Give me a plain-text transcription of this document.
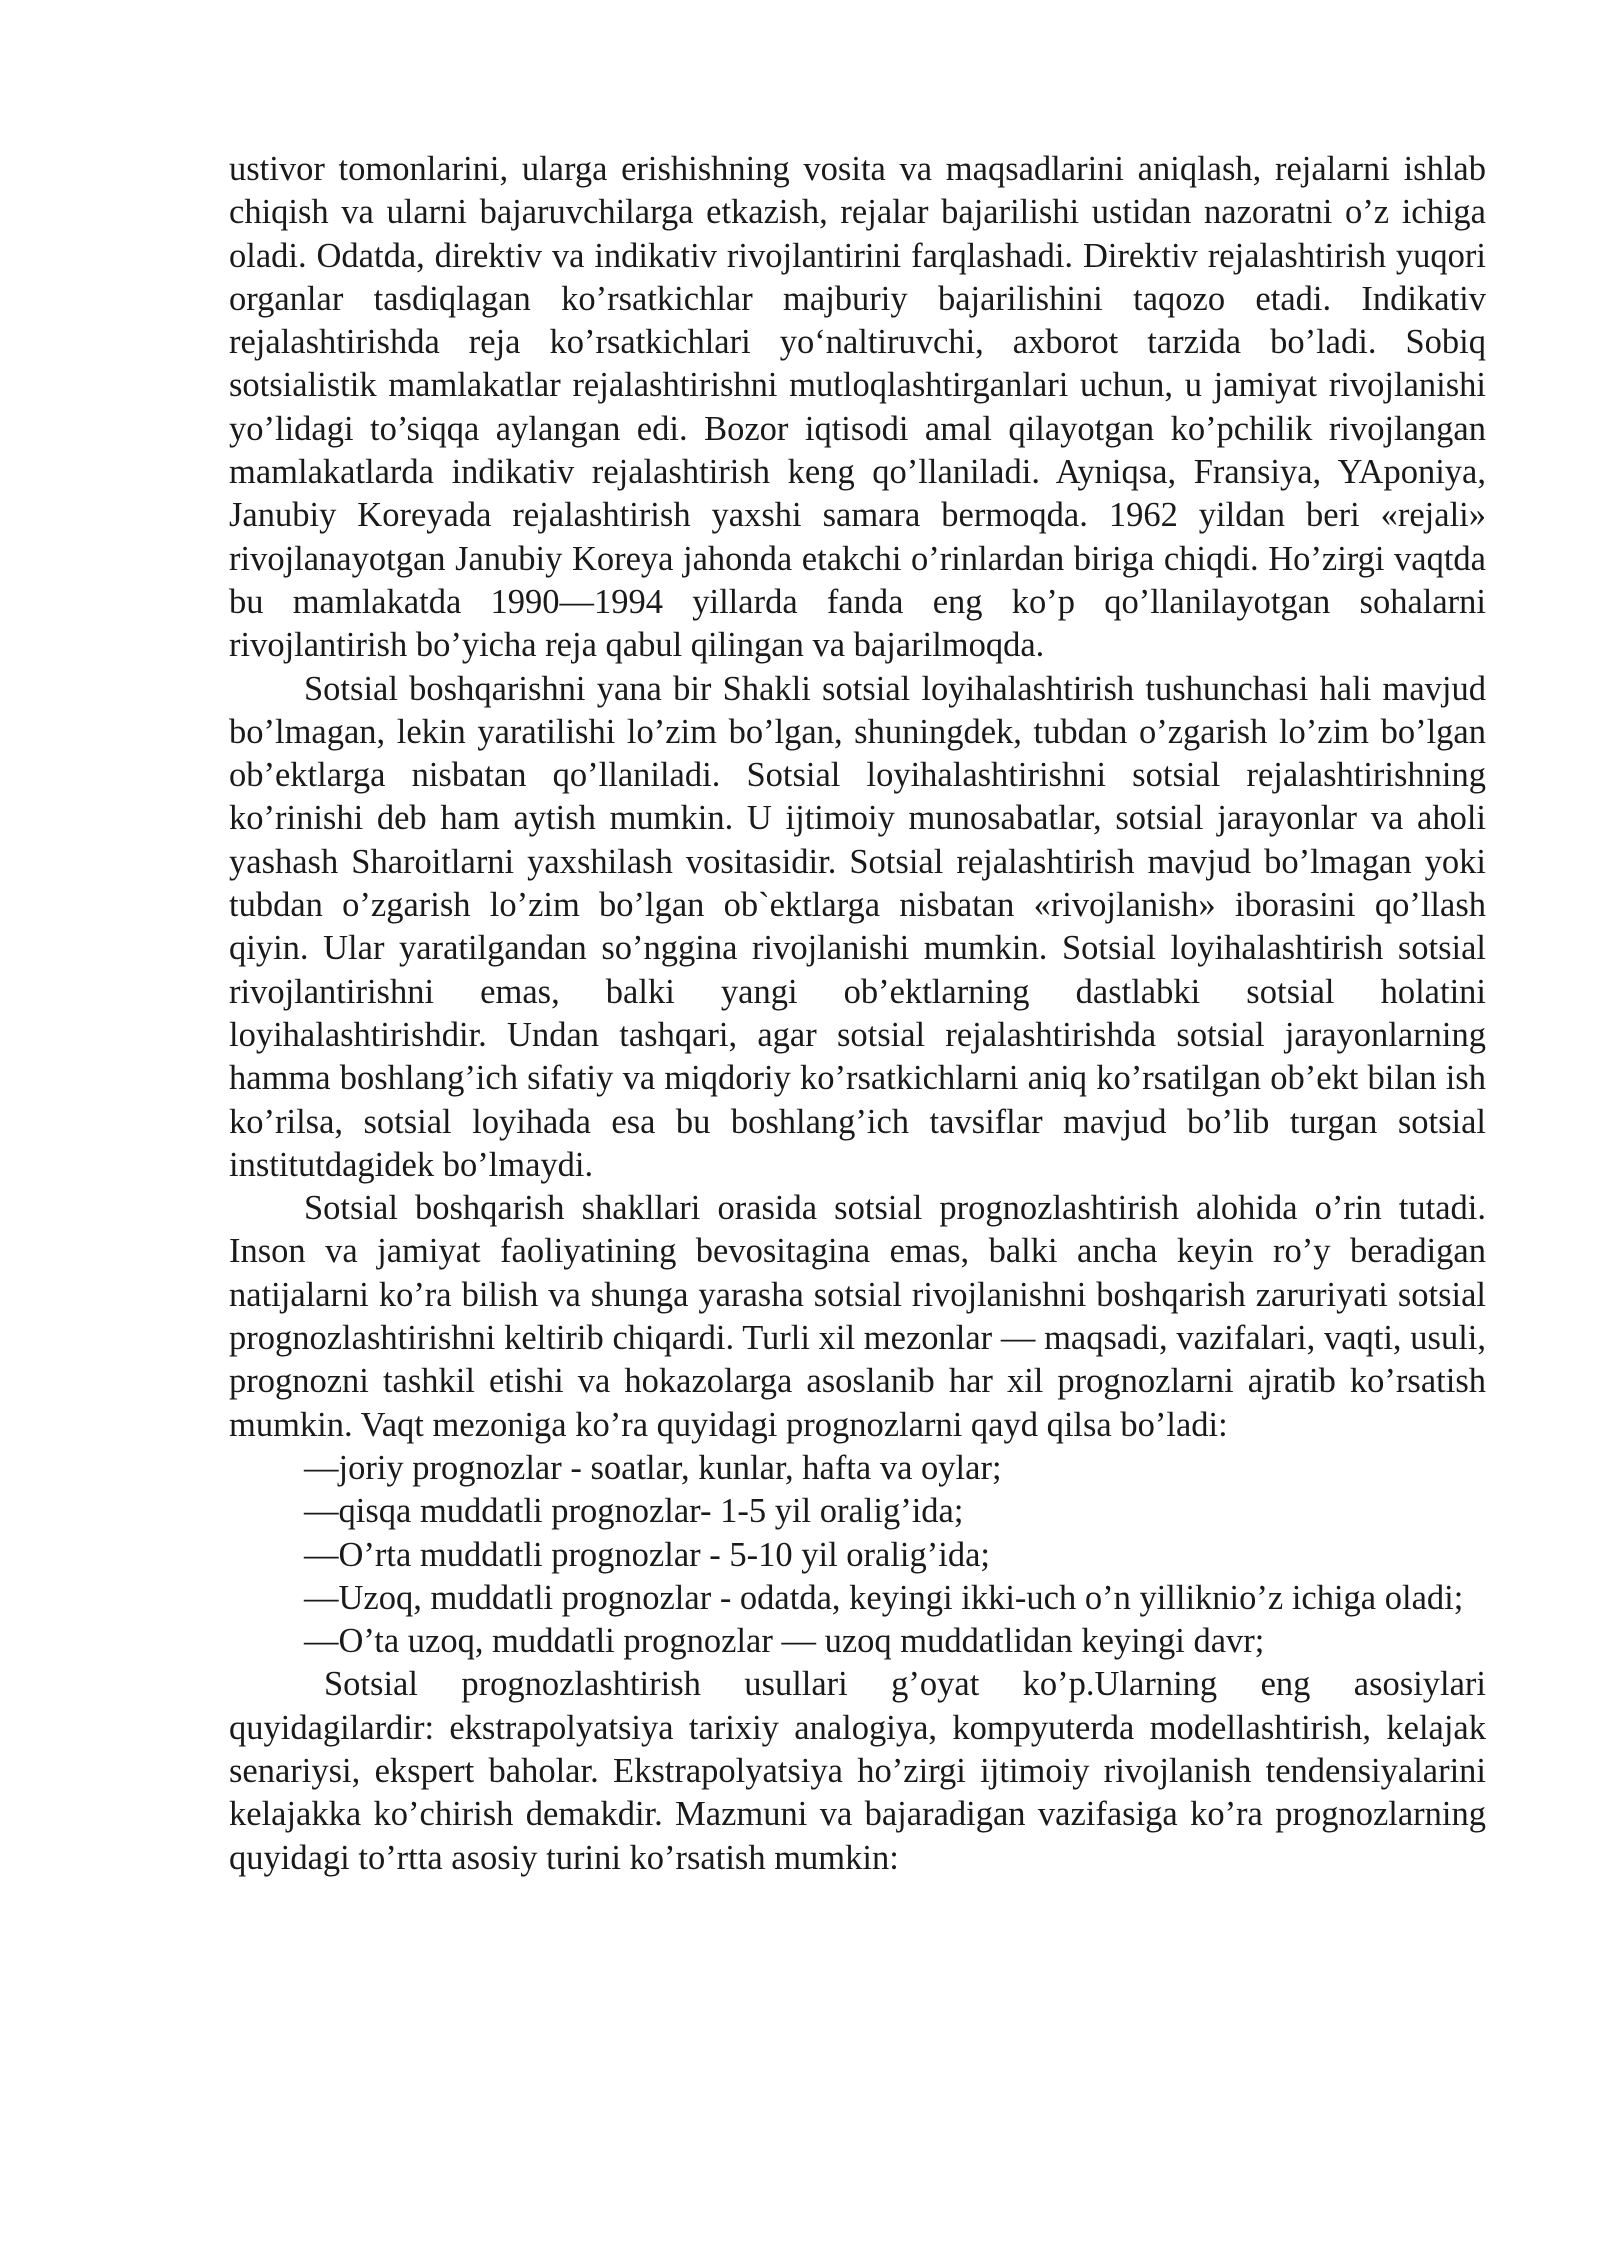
ustivor tomonlarini, ularga erishishning vosita va maqsadlarini aniqlash, rejalarni ishlab chiqish va ularni bajaruvchilarga etkazish, rejalar bajarilishi ustidan nazoratni o’z ichiga oladi. Odatda, direktiv va indikativ rivojlantirini farqlashadi. Direktiv rejalashtirish yuqori organlar tasdiqlagan ko’rsatkichlar majburiy bajarilishini taqozo etadi. Indikativ rejalashtirishda reja ko’rsatkichlari yo‘naltiruvchi, axborot tarzida bo’ladi. Sobiq sotsialistik mamlakatlar rejalashtirishni mutloqlashtirganlari uchun, u jamiyat rivojlanishi yo’lidagi to’siqqa aylangan edi. Bozor iqtisodi amal qilayotgan ko’pchilik rivojlangan mamlakatlarda indikativ rejalashtirish keng qo’llaniladi. Ayniqsa, Fransiya, YAponiya, Janubiy Koreyada rejalashtirish yaxshi samara bermoqda. 1962 yildan beri «rejali» rivojlanayotgan Janubiy Koreya jahonda etakchi o’rinlardan biriga chiqdi. Ho’zirgi vaqtda bu mamlakatda 1990—1994 yillarda fanda eng ko’p qo’llanilayotgan sohalarni rivojlantirish bo’yicha reja qabul qilingan va bajarilmoqda.

Sotsial boshqarishni yana bir Shakli sotsial loyihalashtirish tushunchasi hali mavjud bo’lmagan, lekin yaratilishi lo’zim bo’lgan, shuningdek, tubdan o’zgarish lo’zim bo’lgan ob’ektlarga nisbatan qo’llaniladi. Sotsial loyihalashtirishni sotsial rejalashtirishning ko’rinishi deb ham aytish mumkin. U ijtimoiy munosabatlar, sotsial jarayonlar va aholi yashash Sharoitlarni yaxshilash vositasidir. Sotsial rejalashtirish mavjud bo’lmagan yoki tubdan o’zgarish lo’zim bo’lgan ob`ektlarga nisbatan «rivojlanish» iborasini qo’llash qiyin. Ular yaratilgandan so’nggina rivojlanishi mumkin. Sotsial loyihalashtirish sotsial rivojlantirishni emas, balki yangi ob’ektlarning dastlabki sotsial holatini loyihalashtirishdir. Undan tashqari, agar sotsial rejalashtirishda sotsial jarayonlarning hamma boshlang’ich sifatiy va miqdoriy ko’rsatkichlarni aniq ko’rsatilgan ob’ekt bilan ish ko’rilsa, sotsial loyihada esa bu boshlang’ich tavsiflar mavjud bo’lib turgan sotsial institutdagidek bo’lmaydi.

Sotsial boshqarish shakllari orasida sotsial prognozlashtirish alohida o’rin tutadi. Inson va jamiyat faoliyatining bevositagina emas, balki ancha keyin ro’y beradigan natijalarni ko’ra bilish va shunga yarasha sotsial rivojlanishni boshqarish zaruriyati sotsial prognozlashtirishni keltirib chiqardi. Turli xil mezonlar — maqsadi, vazifalari, vaqti, usuli, prognozni tashkil etishi va hokazolarga asoslanib har xil prognozlarni ajratib ko’rsatish mumkin. Vaqt mezoniga ko’ra quyidagi prognozlarni qayd qilsa bo’ladi:

—joriy prognozlar - soatlar, kunlar, hafta va oylar;

—qisqa muddatli prognozlar- 1-5 yil oralig’ida;

—O’rta muddatli prognozlar - 5-10 yil oralig’ida;

—Uzoq, muddatli prognozlar - odatda, keyingi ikki-uch o’n yilliknio’z ichiga oladi;

—O’ta uzoq, muddatli prognozlar — uzoq muddatlidan keyingi davr;

Sotsial prognozlashtirish usullari g’oyat ko’p.Ularning eng asosiylari quyidagilardir: ekstrapolyatsiya tarixiy analogiya, kompyuterda modellashtirish, kelajak senariysi, ekspert baholar. Ekstrapolyatsiya ho’zirgi ijtimoiy rivojlanish tendensiyalarini kelajakka ko’chirish demakdir. Mazmuni va bajaradigan vazifasiga ko’ra prognozlarning quyidagi to’rtta asosiy turini ko’rsatish mumkin:
